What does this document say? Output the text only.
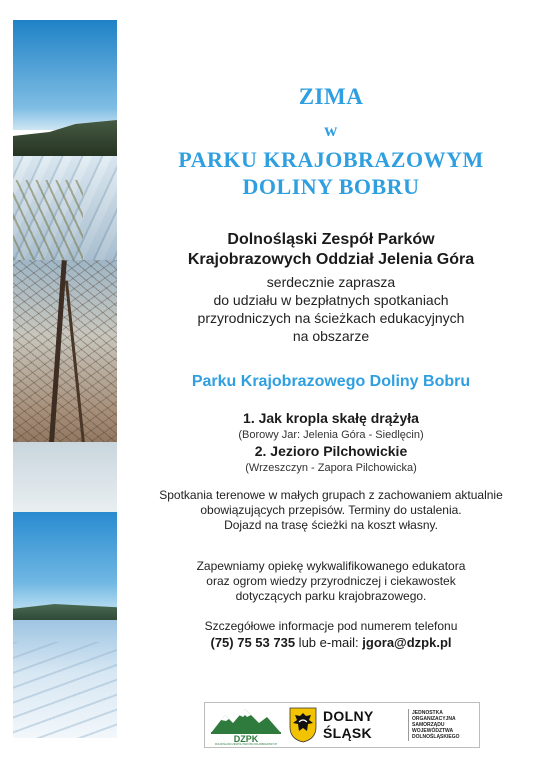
ZIMA
w
PARKU KRAJOBRAZOWYM
DOLINY BOBRU
Dolnośląski Zespół Parków
Krajobrazowych Oddział Jelenia Góra
serdecznie zaprasza
do udziału w bezpłatnych spotkaniach
przyrodniczych na ścieżkach edukacyjnych
na obszarze
Parku Krajobrazowego Doliny Bobru
1. Jak kropla skałę drążyła
(Borowy Jar: Jelenia Góra - Siedlęcin)
2. Jezioro Pilchowickie
(Wrzeszczyn - Zapora Pilchowicka)
Spotkania terenowe w małych grupach z zachowaniem aktualnie
obowiązujących przepisów. Terminy do ustalenia.
Dojazd na trasę ścieżki na koszt własny.
Zapewniamy opiekę wykwalifikowanego edukatora
oraz ogrom wiedzy przyrodniczej i ciekawostek
dotyczących parku krajobrazowego.
Szczegółowe informacje pod numerem telefonu
(75) 75 53 735 lub e-mail: jgora@dzpk.pl
DZPK
DOLNOŚLĄSKI ZESPÓŁ PARKÓW KRAJOBRAZOWYCH
DOLNY
ŚLĄSK
JEDNOSTKA
ORGANIZACYJNA
SAMORZĄDU
WOJEWÓDZTWA
DOLNOŚLĄSKIEGO
